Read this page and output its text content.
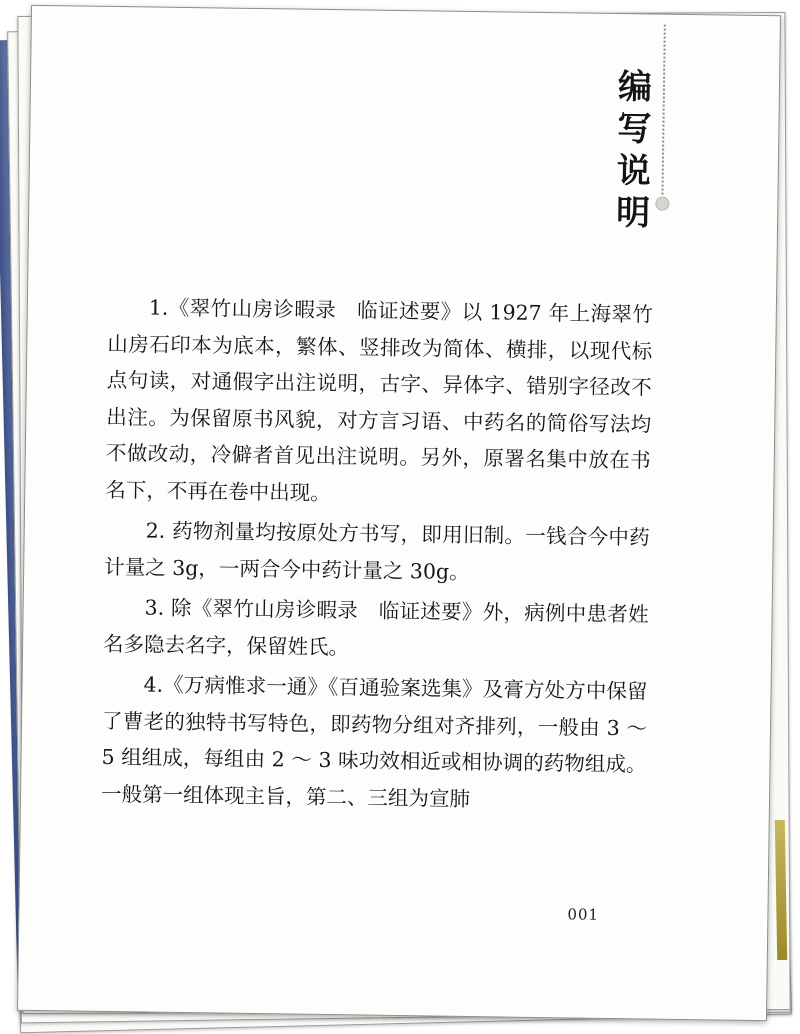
编写说明

1.《翠竹山房诊暇录　临证述要》以 1927 年上海翠竹山房石印本为底本，繁体、竖排改为简体、横排，以现代标点句读，对通假字出注说明，古字、异体字、错别字径改不出注。为保留原书风貌，对方言习语、中药名的简俗写法均不做改动，冷僻者首见出注说明。另外，原署名集中放在书名下，不再在卷中出现。

2. 药物剂量均按原处方书写，即用旧制。一钱合今中药计量之 3g，一两合今中药计量之 30g。

3. 除《翠竹山房诊暇录　临证述要》外，病例中患者姓名多隐去名字，保留姓氏。

4.《万病惟求一通》《百通验案选集》及膏方处方中保留了曹老的独特书写特色，即药物分组对齐排列，一般由 3 ～ 5 组组成，每组由 2 ～ 3 味功效相近或相协调的药物组成。一般第一组体现主旨，第二、三组为宣肺

001
